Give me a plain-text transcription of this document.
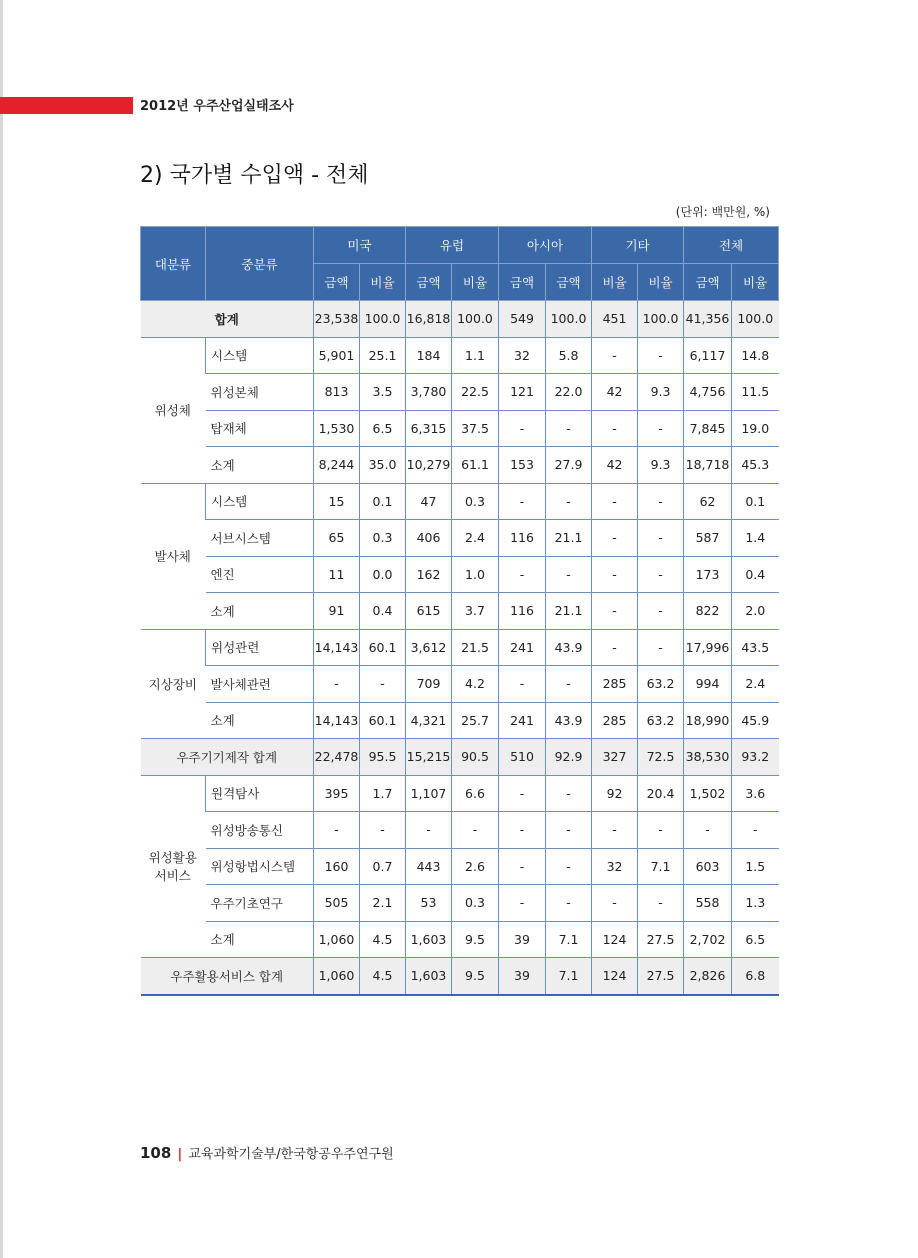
2012년 우주산업실태조사
2) 국가별 수입액 - 전체
(단위: 백만원, %)
대분류	중분류	미국		유럽		아시아		기타		전체	
		금액	비율	금액	비율	금액	금액	비율	비율	금액	비율
합계		23,538	100.0	16,818	100.0	549	100.0	451	100.0	41,356	100.0
위성체	시스템	5,901	25.1	184	1.1	32	5.8	-	-	6,117	14.8
	위성본체	813	3.5	3,780	22.5	121	22.0	42	9.3	4,756	11.5
	탑재체	1,530	6.5	6,315	37.5	-	-	-	-	7,845	19.0
	소계	8,244	35.0	10,279	61.1	153	27.9	42	9.3	18,718	45.3
발사체	시스템	15	0.1	47	0.3	-	-	-	-	62	0.1
	서브시스템	65	0.3	406	2.4	116	21.1	-	-	587	1.4
	엔진	11	0.0	162	1.0	-	-	-	-	173	0.4
	소계	91	0.4	615	3.7	116	21.1	-	-	822	2.0
지상장비	위성관련	14,143	60.1	3,612	21.5	241	43.9	-	-	17,996	43.5
	발사체관련	-	-	709	4.2	-	-	285	63.2	994	2.4
	소계	14,143	60.1	4,321	25.7	241	43.9	285	63.2	18,990	45.9
우주기기제작 합계		22,478	95.5	15,215	90.5	510	92.9	327	72.5	38,530	93.2
위성활용
서비스	원격탐사	395	1.7	1,107	6.6	-	-	92	20.4	1,502	3.6
	위성방송통신	-	-	-	-	-	-	-	-	-	-
	위성항법시스템	160	0.7	443	2.6	-	-	32	7.1	603	1.5
	우주기초연구	505	2.1	53	0.3	-	-	-	-	558	1.3
	소계	1,060	4.5	1,603	9.5	39	7.1	124	27.5	2,702	6.5
우주활용서비스 합계		1,060	4.5	1,603	9.5	39	7.1	124	27.5	2,826	6.8
108 | 교육과학기술부/한국항공우주연구원
